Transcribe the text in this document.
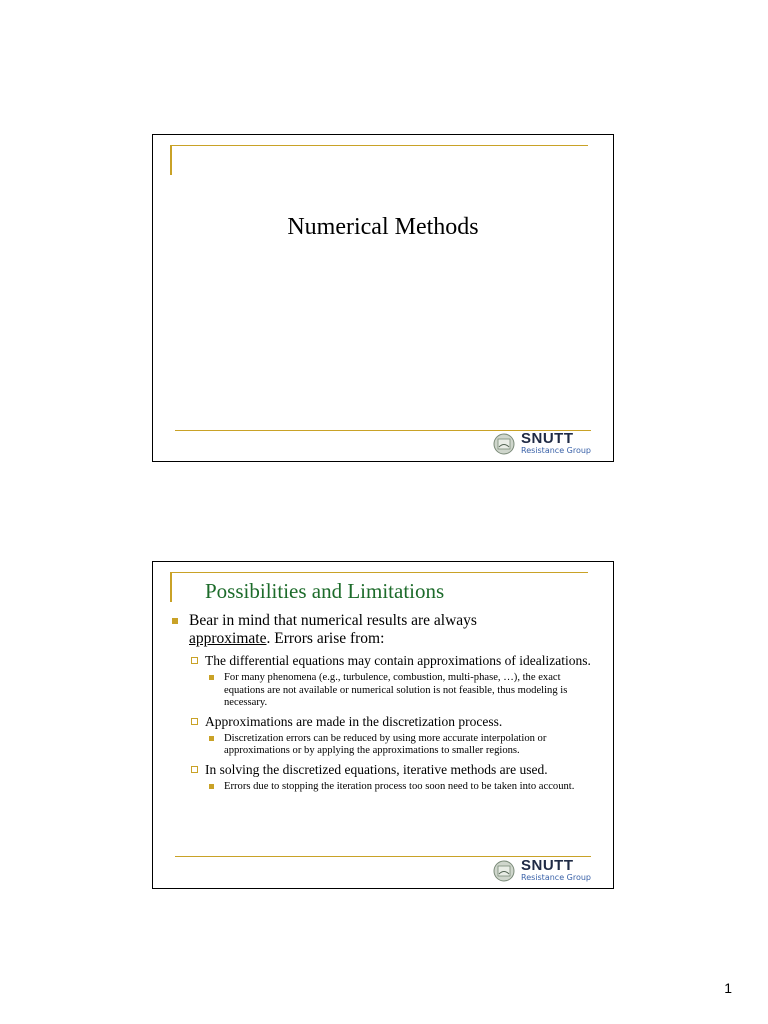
Numerical Methods
SNUTT
Resistance Group
Possibilities and Limitations

Bear in mind that numerical results are always
approximate. Errors arise from:

The differential equations may contain approximations of idealizations.

For many phenomena (e.g., turbulence, combustion, multi-phase, …), the exact equations are not available or numerical solution is not feasible, thus modeling is necessary.

Approximations are made in the discretization process.

Discretization errors can be reduced by using more accurate interpolation or approximations or by applying the approximations to smaller regions.

In solving the discretized equations, iterative methods are used.

Errors due to stopping the iteration process too soon need to be taken into account.

SNUTT
Resistance Group
1
